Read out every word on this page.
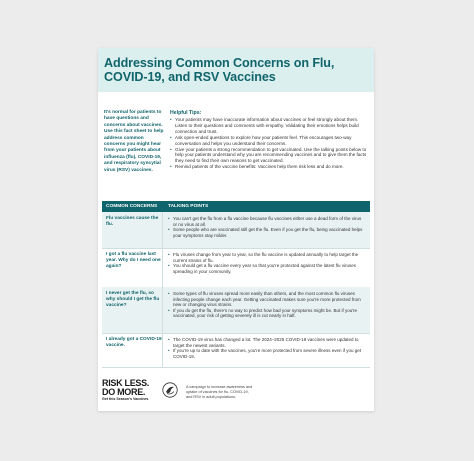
Addressing Common Concerns on Flu, COVID-19, and RSV Vaccines
It's normal for patients to have questions and concerns about vaccines. Use this fact sheet to help address common concerns you might hear from your patients about influenza (flu), COVID-19, and respiratory syncytial virus (RSV) vaccines.
Helpful Tips:
• Your patients may have inaccurate information about vaccines or feel strongly about them. Listen to their questions and comments with empathy. Validating their emotions helps build connection and trust.
• Ask open-ended questions to explore how your patients feel. This encourages two-way conversation and helps you understand their concerns.
• Give your patients a strong recommendation to get vaccinated. Use the talking points below to help your patients understand why you are recommending vaccines and to give them the facts they need to find their own reasons to get vaccinated.
• Remind patients of the vaccine benefits: Vaccines help them risk less and do more.
COMMON CONCERNS TALKING POINTS
Flu vaccines cause the flu.
• You can't get the flu from a flu vaccine because flu vaccines either use a dead form of the virus or no virus at all.
• Some people who are vaccinated still get the flu. Even if you get the flu, being vaccinated helps your symptoms stay milder.
I got a flu vaccine last year. Why do I need one again?
• Flu viruses change from year to year, so the flu vaccine is updated annually to help target the current strains of flu.
• You should get a flu vaccine every year so that you're protected against the latest flu viruses spreading in your community.
I never get the flu, so why should I get the flu vaccine?
• Some types of flu viruses spread more easily than others, and the most common flu viruses infecting people change each year. Getting vaccinated makes sure you're more protected from new or changing virus strains.
• If you do get the flu, there's no way to predict how bad your symptoms might be. But if you're vaccinated, your risk of getting severely ill is cut nearly in half.
I already got a COVID-19 vaccine.
• The COVID-19 virus has changed a lot. The 2024–2025 COVID-19 vaccines were updated to target the newest variants.
• If you're up to date with the vaccines, you're more protected from severe illness even if you get COVID-19.
RISK LESS.
DO MORE.
Get this Season's Vaccines
A campaign to increase awareness and uptake of vaccines for flu, COVID-19, and RSV in adult populations.
